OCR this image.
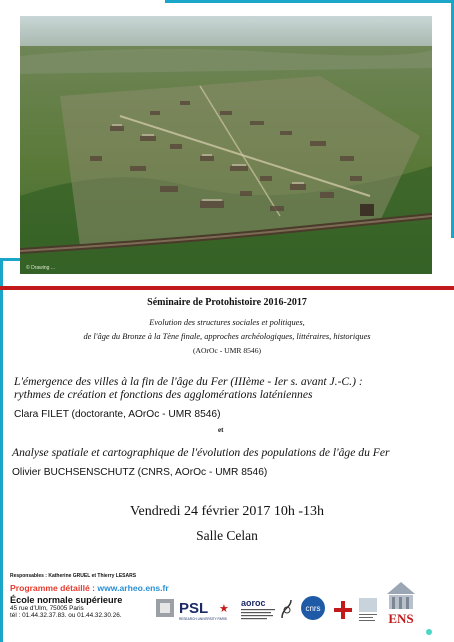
© Drawing ...
Séminaire de Protohistoire 2016-2017
Evolution des structures sociales et politiques,
de l'âge du Bronze à la Tène finale, approches archéologiques, littéraires, historiques
(AOrOc - UMR 8546)
L'émergence des villes à la fin de l'âge du Fer (IIIème - Ier s. avant J.-C.) :
rythmes de création et fonctions des agglomérations laténiennes
Clara FILET (doctorante, AOrOc - UMR 8546)
et
Analyse spatiale et cartographique de l'évolution des populations de l'âge du Fer
Olivier BUCHSENSCHUTZ (CNRS, AOrOc - UMR 8546)
Vendredi 24 février 2017 10h -13h
Salle Celan
Responsables : Katherine GRUEL et Thierry LESARS
Programme détaillé : www.arheo.ens.fr
École normale supérieure
45 rue d'Ulm, 75005 Paris
tél : 01.44.32.37.83. ou 01.44.32.30.26.	PSL ★
RESEARCH UNIVERSITY PARIS
aoroc
cnrs
ENS
